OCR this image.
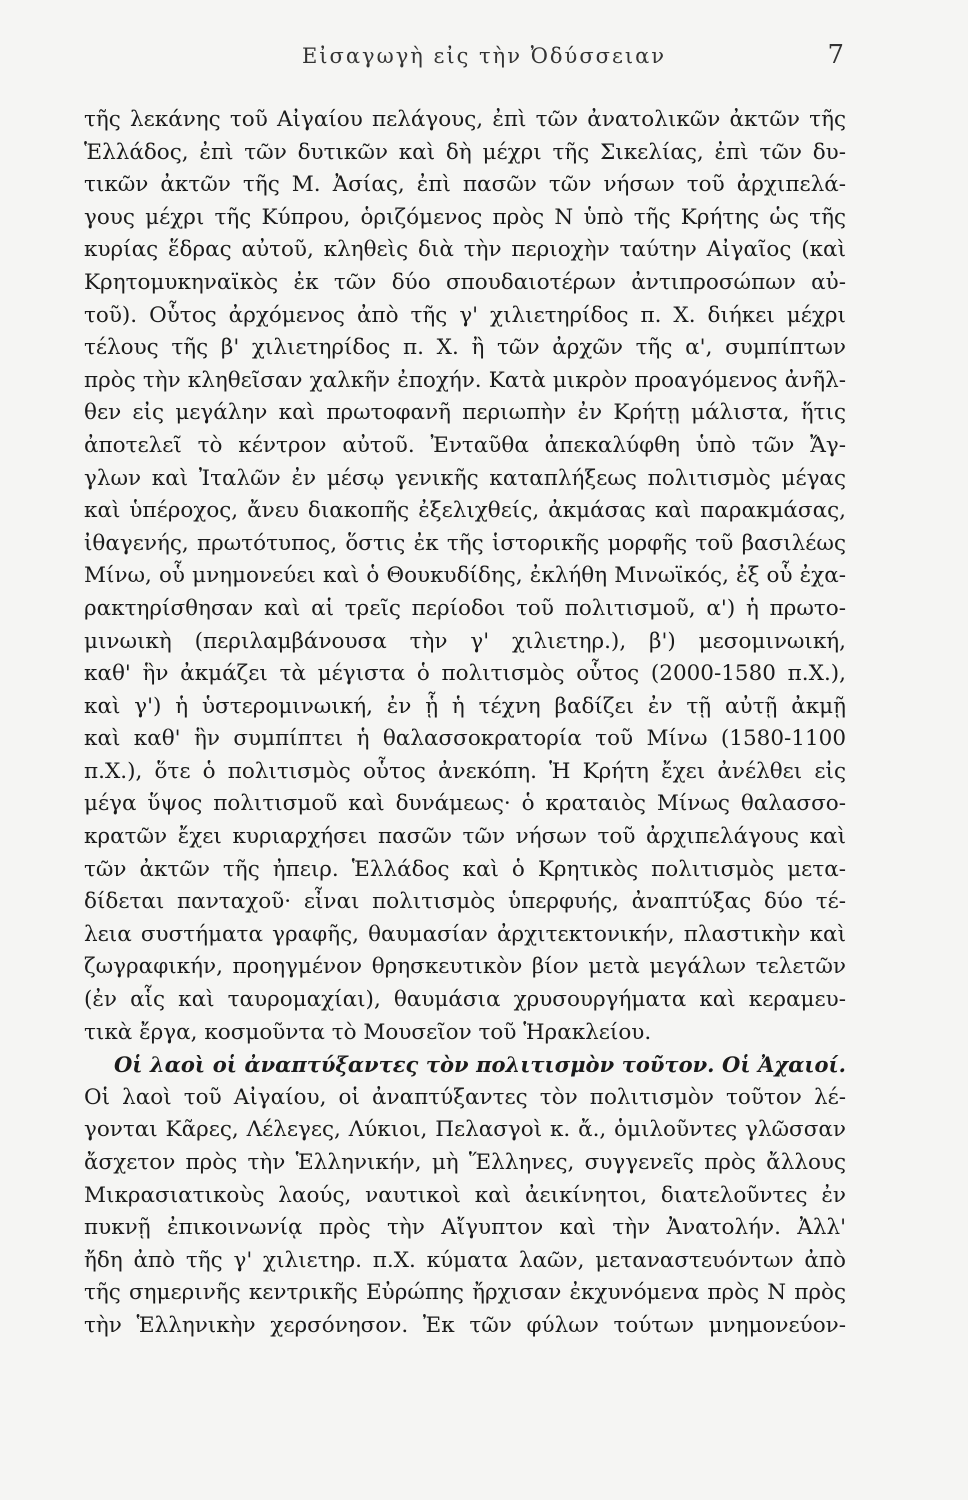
Εἰσαγωγὴ εἰς τὴν Ὀδύσσειαν	7
τῆς λεκάνης τοῦ Αἰγαίου πελάγους, ἐπὶ τῶν ἀνατολικῶν ἀκτῶν τῆς
Ἑλλάδος, ἐπὶ τῶν δυτικῶν καὶ δὴ μέχρι τῆς Σικελίας, ἐπὶ τῶν δυ-
τικῶν ἀκτῶν τῆς Μ. Ἀσίας, ἐπὶ πασῶν τῶν νήσων τοῦ ἀρχιπελά-
γους μέχρι τῆς Κύπρου, ὁριζόμενος πρὸς Ν ὑπὸ τῆς Κρήτης ὡς τῆς
κυρίας ἕδρας αὐτοῦ, κληθεὶς διὰ τὴν περιοχὴν ταύτην Αἰγαῖος (καὶ
Κρητομυκηναϊκὸς ἐκ τῶν δύο σπουδαιοτέρων ἀντιπροσώπων αὐ-
τοῦ). Οὗτος ἀρχόμενος ἀπὸ τῆς γ' χιλιετηρίδος π. Χ. διήκει μέχρι
τέλους τῆς β' χιλιετηρίδος π. Χ. ἢ τῶν ἀρχῶν τῆς α', συμπίπτων
πρὸς τὴν κληθεῖσαν χαλκῆν ἐποχήν. Κατὰ μικρὸν προαγόμενος ἀνῆλ-
θεν εἰς μεγάλην καὶ πρωτοφανῆ περιωπὴν ἐν Κρήτῃ μάλιστα, ἥτις
ἀποτελεῖ τὸ κέντρον αὐτοῦ. Ἐνταῦθα ἀπεκαλύφθη ὑπὸ τῶν Ἄγ-
γλων καὶ Ἰταλῶν ἐν μέσῳ γενικῆς καταπλήξεως πολιτισμὸς μέγας
καὶ ὑπέροχος, ἄνευ διακοπῆς ἐξελιχθείς, ἀκμάσας καὶ παρακμάσας,
ἰθαγενής, πρωτότυπος, ὅστις ἐκ τῆς ἱστορικῆς μορφῆς τοῦ βασιλέως
Μίνω, οὗ μνημονεύει καὶ ὁ Θουκυδίδης, ἐκλήθη Μινωϊκός, ἐξ οὗ ἐχα-
ρακτηρίσθησαν καὶ αἱ τρεῖς περίοδοι τοῦ πολιτισμοῦ, α') ἡ πρωτο-
μινωικὴ (περιλαμβάνουσα τὴν γ' χιλιετηρ.), β') μεσομινωική,
καθ' ἣν ἀκμάζει τὰ μέγιστα ὁ πολιτισμὸς οὗτος (2000-1580 π.Χ.),
καὶ γ') ἡ ὑστερομινωική, ἐν ᾗ ἡ τέχνη βαδίζει ἐν τῇ αὐτῇ ἀκμῇ
καὶ καθ' ἣν συμπίπτει ἡ θαλασσοκρατορία τοῦ Μίνω (1580-1100
π.Χ.), ὅτε ὁ πολιτισμὸς οὗτος ἀνεκόπη. Ἡ Κρήτη ἔχει ἀνέλθει εἰς
μέγα ὕψος πολιτισμοῦ καὶ δυνάμεως· ὁ κραταιὸς Μίνως θαλασσο-
κρατῶν ἔχει κυριαρχήσει πασῶν τῶν νήσων τοῦ ἀρχιπελάγους καὶ
τῶν ἀκτῶν τῆς ἠπειρ. Ἑλλάδος καὶ ὁ Κρητικὸς πολιτισμὸς μετα-
δίδεται πανταχοῦ· εἶναι πολιτισμὸς ὑπερφυής, ἀναπτύξας δύο τέ-
λεια συστήματα γραφῆς, θαυμασίαν ἀρχιτεκτονικήν, πλαστικὴν καὶ
ζωγραφικήν, προηγμένον θρησκευτικὸν βίον μετὰ μεγάλων τελετῶν
(ἐν αἷς καὶ ταυρομαχίαι), θαυμάσια χρυσουργήματα καὶ κεραμευ-
τικὰ ἔργα, κοσμοῦντα τὸ Μουσεῖον τοῦ Ἡρακλείου.
Οἱ λαοὶ οἱ ἀναπτύξαντες τὸν πολιτισμὸν τοῦτον. Οἱ Ἀχαιοί.
Οἱ λαοὶ τοῦ Αἰγαίου, οἱ ἀναπτύξαντες τὸν πολιτισμὸν τοῦτον λέ-
γονται Κᾶρες, Λέλεγες, Λύκιοι, Πελασγοὶ κ. ἄ., ὁμιλοῦντες γλῶσσαν
ἄσχετον πρὸς τὴν Ἑλληνικήν, μὴ Ἕλληνες, συγγενεῖς πρὸς ἄλλους
Μικρασιατικοὺς λαούς, ναυτικοὶ καὶ ἀεικίνητοι, διατελοῦντες ἐν
πυκνῇ ἐπικοινωνίᾳ πρὸς τὴν Αἴγυπτον καὶ τὴν Ἀνατολήν. Ἀλλ'
ἤδη ἀπὸ τῆς γ' χιλιετηρ. π.Χ. κύματα λαῶν, μεταναστευόντων ἀπὸ
τῆς σημερινῆς κεντρικῆς Εὐρώπης ἤρχισαν ἐκχυνόμενα πρὸς Ν πρὸς
τὴν Ἑλληνικὴν χερσόνησον. Ἐκ τῶν φύλων τούτων μνημονεύον-
